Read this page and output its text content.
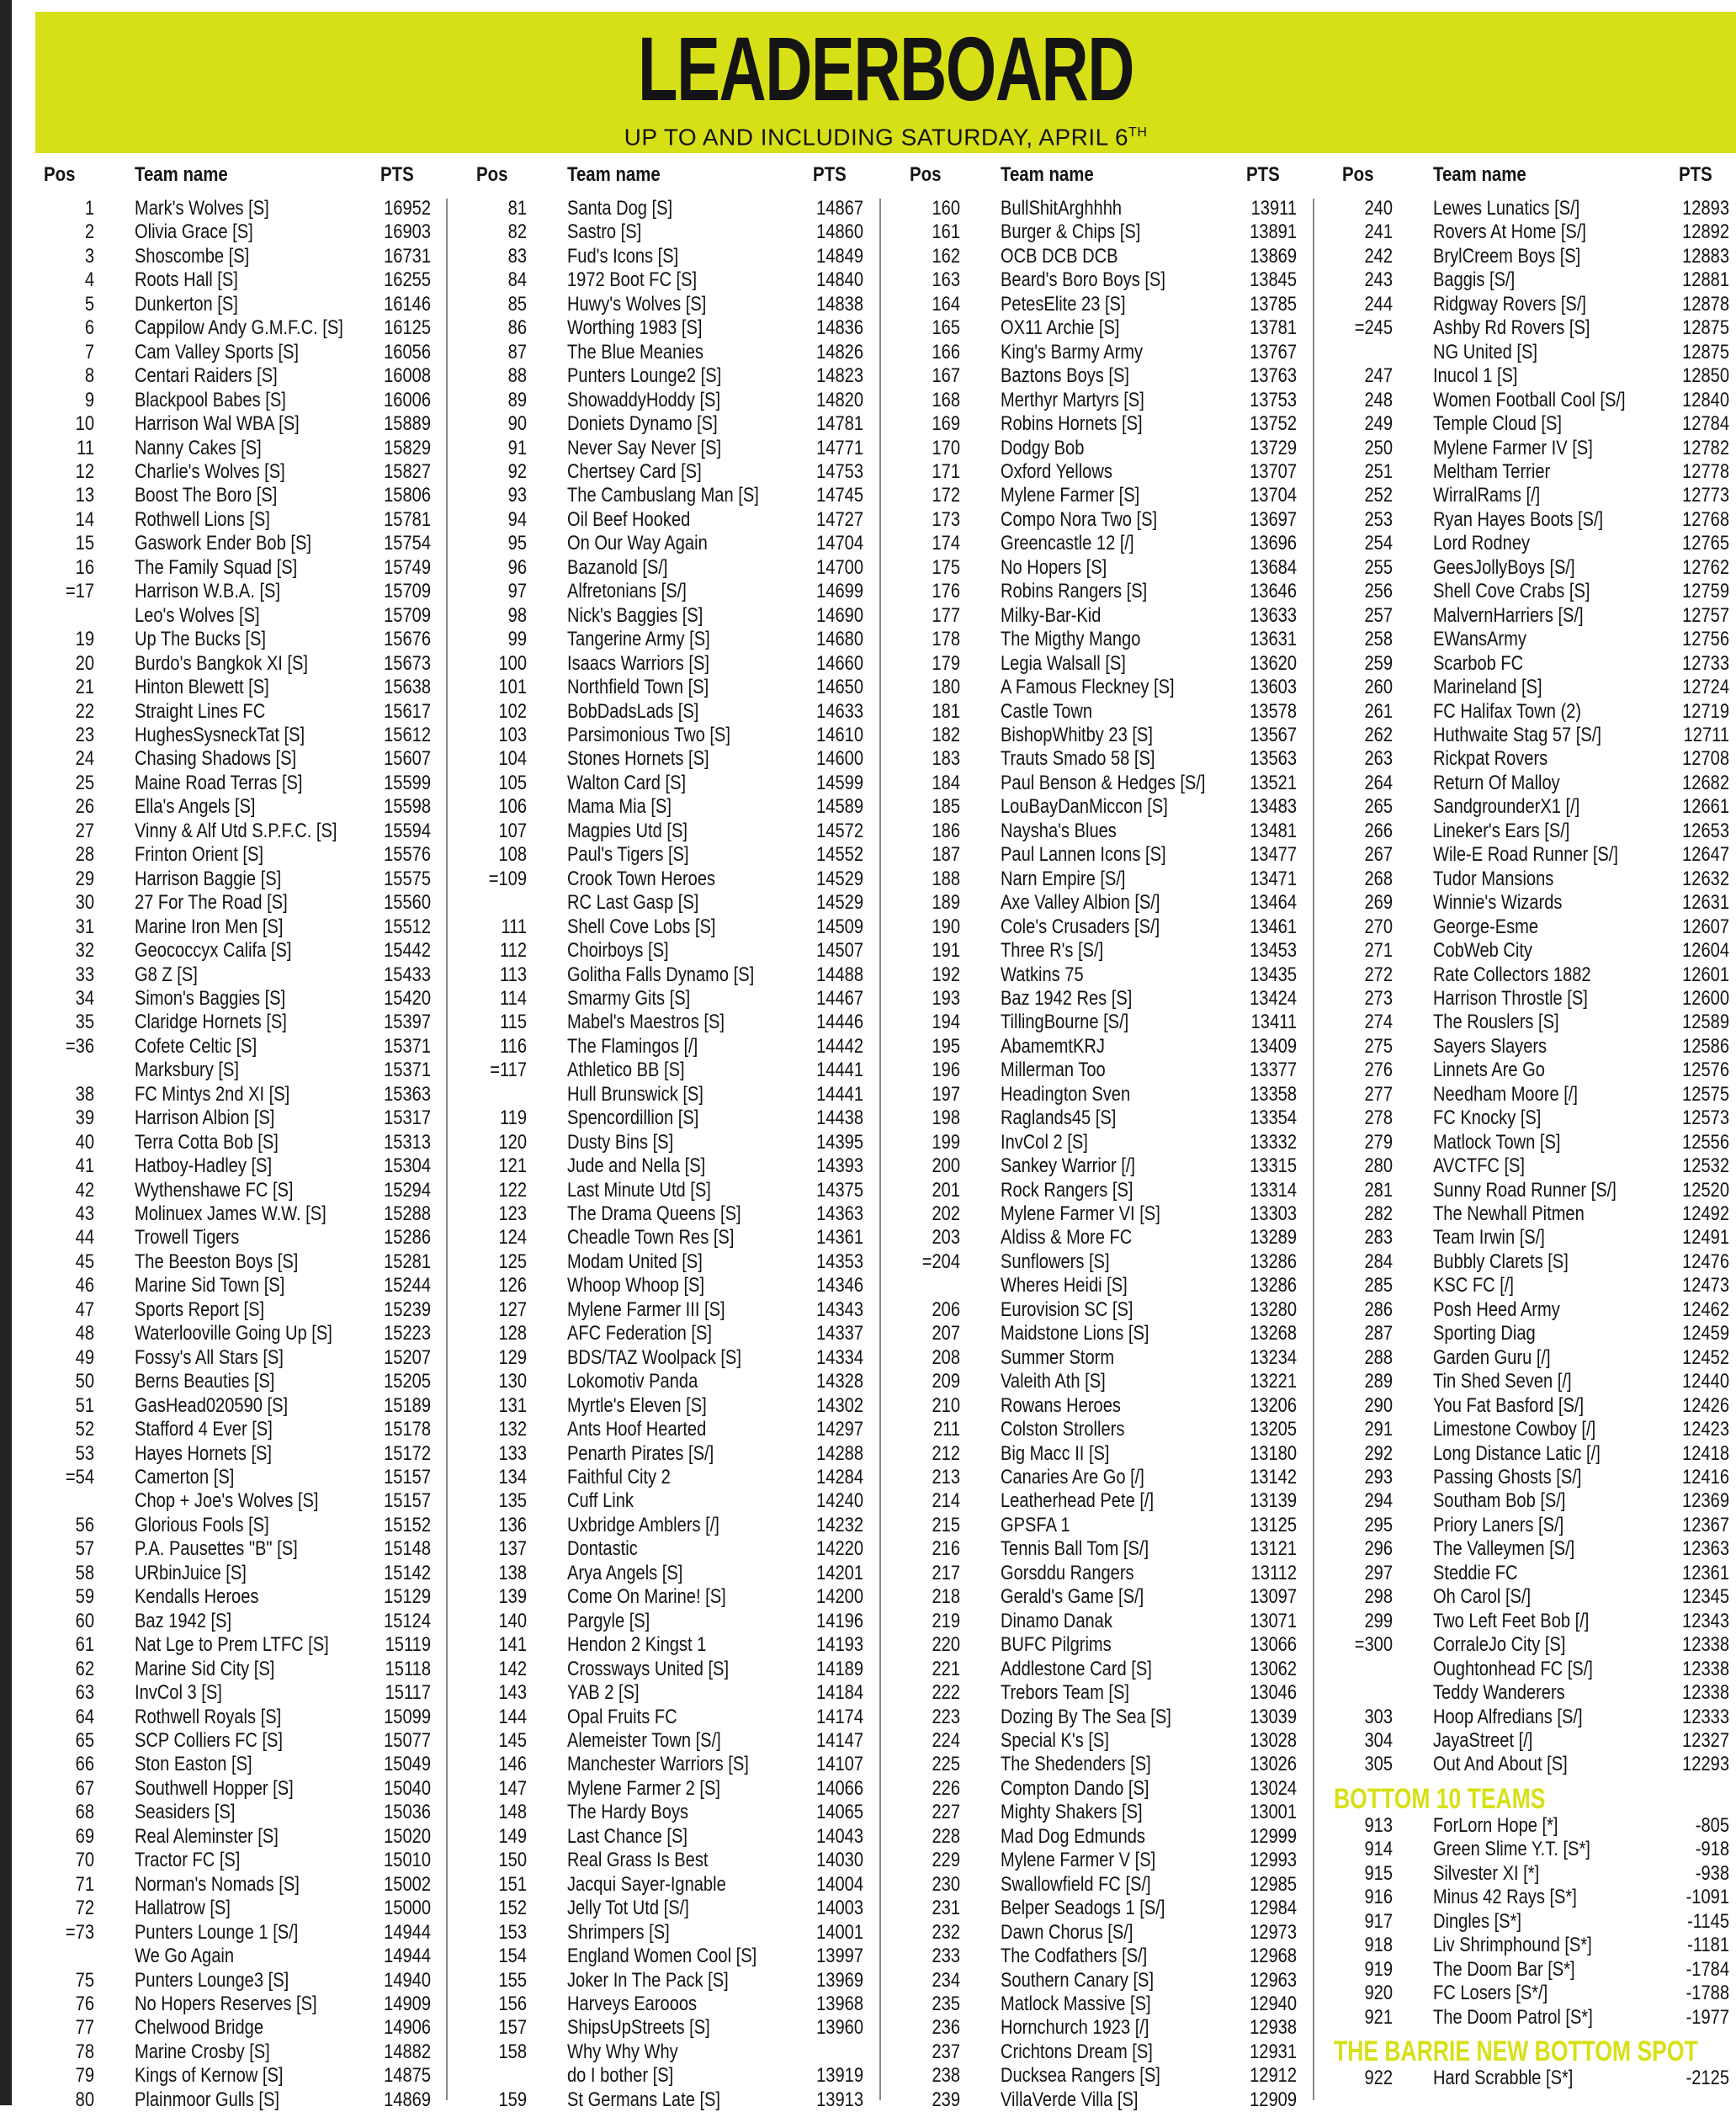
LEADERBOARD
UP TO AND INCLUDING SATURDAY, APRIL 6TH
Pos	Team name	PTS
1 Mark's Wolves [S]	16952
2 Olivia Grace [S]	16903
3 Shoscombe [S]	16731
4 Roots Hall [S]	16255
5 Dunkerton [S]	16146
6 Cappilow Andy G.M.F.C. [S]	16125
7 Cam Valley Sports [S]	16056
8 Centari Raiders [S]	16008
9 Blackpool Babes [S]	16006
10 Harrison Wal WBA [S]	15889
11 Nanny Cakes [S]	15829
12 Charlie's Wolves [S]	15827
13 Boost The Boro [S]	15806
14 Rothwell Lions [S]	15781
15 Gaswork Ender Bob [S]	15754
16 The Family Squad [S]	15749
=17 Harrison W.B.A. [S]	15709
Leo's Wolves [S]	15709
19 Up The Bucks [S]	15676
20 Burdo's Bangkok XI [S]	15673
21 Hinton Blewett [S]	15638
22 Straight Lines FC	15617
23 HughesSysneckTat [S]	15612
24 Chasing Shadows [S]	15607
25 Maine Road Terras [S]	15599
26 Ella's Angels [S]	15598
27 Vinny & Alf Utd S.P.F.C. [S]	15594
28 Frinton Orient [S]	15576
29 Harrison Baggie [S]	15575
30 27 For The Road [S]	15560
31 Marine Iron Men [S]	15512
32 Geococcyx Califa [S]	15442
33 G8 Z [S]	15433
34 Simon's Baggies [S]	15420
35 Claridge Hornets [S]	15397
=36 Cofete Celtic [S]	15371
Marksbury [S]	15371
38 FC Mintys 2nd XI [S]	15363
39 Harrison Albion [S]	15317
40 Terra Cotta Bob [S]	15313
41 Hatboy-Hadley [S]	15304
42 Wythenshawe FC [S]	15294
43 Molinuex James W.W. [S]	15288
44 Trowell Tigers	15286
45 The Beeston Boys [S]	15281
46 Marine Sid Town [S]	15244
47 Sports Report [S]	15239
48 Waterlooville Going Up [S]	15223
49 Fossy's All Stars [S]	15207
50 Berns Beauties [S]	15205
51 GasHead020590 [S]	15189
52 Stafford 4 Ever [S]	15178
53 Hayes Hornets [S]	15172
=54 Camerton [S]	15157
Chop + Joe's Wolves [S]	15157
56 Glorious Fools [S]	15152
57 P.A. Pausettes "B" [S]	15148
58 URbinJuice [S]	15142
59 Kendalls Heroes	15129
60 Baz 1942 [S]	15124
61 Nat Lge to Prem LTFC [S]	15119
62 Marine Sid City [S]	15118
63 InvCol 3 [S]	15117
64 Rothwell Royals [S]	15099
65 SCP Colliers FC [S]	15077
66 Ston Easton [S]	15049
67 Southwell Hopper [S]	15040
68 Seasiders [S]	15036
69 Real Aleminster [S]	15020
70 Tractor FC [S]	15010
71 Norman's Nomads [S]	15002
72 Hallatrow [S]	15000
=73 Punters Lounge 1 [S/]	14944
We Go Again	14944
75 Punters Lounge3 [S]	14940
76 No Hopers Reserves [S]	14909
77 Chelwood Bridge	14906
78 Marine Crosby [S]	14882
79 Kings of Kernow [S]	14875
80 Plainmoor Gulls [S]	14869
Pos	Team name	PTS
81 Santa Dog [S]	14867
82 Sastro [S]	14860
83 Fud's Icons [S]	14849
84 1972 Boot FC [S]	14840
85 Huwy's Wolves [S]	14838
86 Worthing 1983 [S]	14836
87 The Blue Meanies	14826
88 Punters Lounge2 [S]	14823
89 ShowaddyHoddy [S]	14820
90 Doniets Dynamo [S]	14781
91 Never Say Never [S]	14771
92 Chertsey Card [S]	14753
93 The Cambuslang Man [S]	14745
94 Oil Beef Hooked	14727
95 On Our Way Again	14704
96 Bazanold [S/]	14700
97 Alfretonians [S/]	14699
98 Nick's Baggies [S]	14690
99 Tangerine Army [S]	14680
100 Isaacs Warriors [S]	14660
101 Northfield Town [S]	14650
102 BobDadsLads [S]	14633
103 Parsimonious Two [S]	14610
104 Stones Hornets [S]	14600
105 Walton Card [S]	14599
106 Mama Mia [S]	14589
107 Magpies Utd [S]	14572
108 Paul's Tigers [S]	14552
=109 Crook Town Heroes	14529
RC Last Gasp [S]	14529
111 Shell Cove Lobs [S]	14509
112 Choirboys [S]	14507
113 Golitha Falls Dynamo [S]	14488
114 Smarmy Gits [S]	14467
115 Mabel's Maestros [S]	14446
116 The Flamingos [/]	14442
=117 Athletico BB [S]	14441
Hull Brunswick [S]	14441
119 Spencordillion [S]	14438
120 Dusty Bins [S]	14395
121 Jude and Nella [S]	14393
122 Last Minute Utd [S]	14375
123 The Drama Queens [S]	14363
124 Cheadle Town Res [S]	14361
125 Modam United [S]	14353
126 Whoop Whoop [S]	14346
127 Mylene Farmer III [S]	14343
128 AFC Federation [S]	14337
129 BDS/TAZ Woolpack [S]	14334
130 Lokomotiv Panda	14328
131 Myrtle's Eleven [S]	14302
132 Ants Hoof Hearted	14297
133 Penarth Pirates [S/]	14288
134 Faithful City 2	14284
135 Cuff Link	14240
136 Uxbridge Amblers [/]	14232
137 Dontastic	14220
138 Arya Angels [S]	14201
139 Come On Marine! [S]	14200
140 Pargyle [S]	14196
141 Hendon 2 Kingst 1	14193
142 Crossways United [S]	14189
143 YAB 2 [S]	14184
144 Opal Fruits FC	14174
145 Alemeister Town [S/]	14147
146 Manchester Warriors [S]	14107
147 Mylene Farmer 2 [S]	14066
148 The Hardy Boys	14065
149 Last Chance [S]	14043
150 Real Grass Is Best	14030
151 Jacqui Sayer-Ignable	14004
152 Jelly Tot Utd [S/]	14003
153 Shrimpers [S]	14001
154 England Women Cool [S]	13997
155 Joker In The Pack [S]	13969
156 Harveys Earooos	13968
157 ShipsUpStreets [S]	13960
158 Why Why Why
do I bother [S]	13919
159 St Germans Late [S]	13913
Pos	Team name	PTS
160 BullShitArghhhh	13911
161 Burger & Chips [S]	13891
162 OCB DCB DCB	13869
163 Beard's Boro Boys [S]	13845
164 PetesElite 23 [S]	13785
165 OX11 Archie [S]	13781
166 King's Barmy Army	13767
167 Baztons Boys [S]	13763
168 Merthyr Martyrs [S]	13753
169 Robins Hornets [S]	13752
170 Dodgy Bob	13729
171 Oxford Yellows	13707
172 Mylene Farmer [S]	13704
173 Compo Nora Two [S]	13697
174 Greencastle 12 [/]	13696
175 No Hopers [S]	13684
176 Robins Rangers [S]	13646
177 Milky-Bar-Kid	13633
178 The Migthy Mango	13631
179 Legia Walsall [S]	13620
180 A Famous Fleckney [S]	13603
181 Castle Town	13578
182 BishopWhitby 23 [S]	13567
183 Trauts Smado 58 [S]	13563
184 Paul Benson & Hedges [S/]	13521
185 LouBayDanMiccon [S]	13483
186 Naysha's Blues	13481
187 Paul Lannen Icons [S]	13477
188 Narn Empire [S/]	13471
189 Axe Valley Albion [S/]	13464
190 Cole's Crusaders [S/]	13461
191 Three R's [S/]	13453
192 Watkins 75	13435
193 Baz 1942 Res [S]	13424
194 TillingBourne [S/]	13411
195 AbamemtKRJ	13409
196 Millerman Too	13377
197 Headington Sven	13358
198 Raglands45 [S]	13354
199 InvCol 2 [S]	13332
200 Sankey Warrior [/]	13315
201 Rock Rangers [S]	13314
202 Mylene Farmer VI [S]	13303
203 Aldiss & More FC	13289
=204 Sunflowers [S]	13286
Wheres Heidi [S]	13286
206 Eurovision SC [S]	13280
207 Maidstone Lions [S]	13268
208 Summer Storm	13234
209 Valeith Ath [S]	13221
210 Rowans Heroes	13206
211 Colston Strollers	13205
212 Big Macc II [S]	13180
213 Canaries Are Go [/]	13142
214 Leatherhead Pete [/]	13139
215 GPSFA 1	13125
216 Tennis Ball Tom [S/]	13121
217 Gorsddu Rangers	13112
218 Gerald's Game [S/]	13097
219 Dinamo Danak	13071
220 BUFC Pilgrims	13066
221 Addlestone Card [S]	13062
222 Trebors Team [S]	13046
223 Dozing By The Sea [S]	13039
224 Special K's [S]	13028
225 The Shedenders [S]	13026
226 Compton Dando [S]	13024
227 Mighty Shakers [S]	13001
228 Mad Dog Edmunds	12999
229 Mylene Farmer V [S]	12993
230 Swallowfield FC [S/]	12985
231 Belper Seadogs 1 [S/]	12984
232 Dawn Chorus [S/]	12973
233 The Codfathers [S/]	12968
234 Southern Canary [S]	12963
235 Matlock Massive [S]	12940
236 Hornchurch 1923 [/]	12938
237 Crichtons Dream [S]	12931
238 Ducksea Rangers [S]	12912
239 VillaVerde Villa [S]	12909
Pos	Team name	PTS
240 Lewes Lunatics [S/]	12893
241 Rovers At Home [S/]	12892
242 BrylCreem Boys [S]	12883
243 Baggis [S/]	12881
244 Ridgway Rovers [S/]	12878
=245 Ashby Rd Rovers [S]	12875
NG United [S]	12875
247 Inucol 1 [S]	12850
248 Women Football Cool [S/]	12840
249 Temple Cloud [S]	12784
250 Mylene Farmer IV [S]	12782
251 Meltham Terrier	12778
252 WirralRams [/]	12773
253 Ryan Hayes Boots [S/]	12768
254 Lord Rodney	12765
255 GeesJollyBoys [S/]	12762
256 Shell Cove Crabs [S]	12759
257 MalvernHarriers [S/]	12757
258 EWansArmy	12756
259 Scarbob FC	12733
260 Marineland [S]	12724
261 FC Halifax Town (2)	12719
262 Huthwaite Stag 57 [S/]	12711
263 Rickpat Rovers	12708
264 Return Of Malloy	12682
265 SandgrounderX1 [/]	12661
266 Lineker's Ears [S/]	12653
267 Wile-E Road Runner [S/]	12647
268 Tudor Mansions	12632
269 Winnie's Wizards	12631
270 George-Esme	12607
271 CobWeb City	12604
272 Rate Collectors 1882	12601
273 Harrison Throstle [S]	12600
274 The Rouslers [S]	12589
275 Sayers Slayers	12586
276 Linnets Are Go	12576
277 Needham Moore [/]	12575
278 FC Knocky [S]	12573
279 Matlock Town [S]	12556
280 AVCTFC [S]	12532
281 Sunny Road Runner [S/]	12520
282 The Newhall Pitmen	12492
283 Team Irwin [S/]	12491
284 Bubbly Clarets [S]	12476
285 KSC FC [/]	12473
286 Posh Heed Army	12462
287 Sporting Diag	12459
288 Garden Guru [/]	12452
289 Tin Shed Seven [/]	12440
290 You Fat Basford [S/]	12426
291 Limestone Cowboy [/]	12423
292 Long Distance Latic [/]	12418
293 Passing Ghosts [S/]	12416
294 Southam Bob [S/]	12369
295 Priory Laners [S/]	12367
296 The Valleymen [S/]	12363
297 Steddie FC	12361
298 Oh Carol [S/]	12345
299 Two Left Feet Bob [/]	12343
=300 CorraleJo City [S]	12338
Oughtonhead FC [S/]	12338
Teddy Wanderers	12338
303 Hoop Alfredians [S/]	12333
304 JayaStreet [/]	12327
305 Out And About [S]	12293
BOTTOM 10 TEAMS
913 ForLorn Hope [*]	-805
914 Green Slime Y.T. [S*]	-918
915 Silvester XI [*]	-938
916 Minus 42 Rays [S*]	-1091
917 Dingles [S*]	-1145
918 Liv Shrimphound [S*]	-1181
919 The Doom Bar [S*]	-1784
920 FC Losers [S*/]	-1788
921 The Doom Patrol [S*]	-1977
THE BARRIE NEW BOTTOM SPOT
922 Hard Scrabble [S*]	-2125
